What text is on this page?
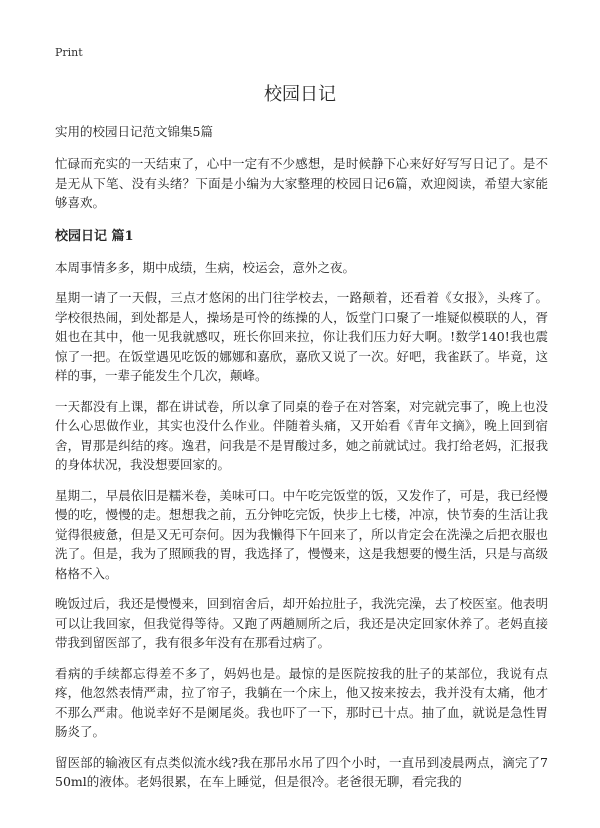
Print
校园日记
实用的校园日记范文锦集5篇

忙碌而充实的一天结束了，心中一定有不少感想，是时候静下心来好好写写日记了。是不是无从下笔、没有头绪？下面是小编为大家整理的校园日记6篇，欢迎阅读，希望大家能够喜欢。

校园日记 篇1

本周事情多多，期中成绩，生病，校运会，意外之夜。

星期一请了一天假，三点才悠闲的出门往学校去，一路颠着，还看着《女报》，头疼了。学校很热闹，到处都是人，操场是可怜的练操的人，饭堂门口聚了一堆疑似模联的人，胥姐也在其中，他一见我就感叹，班长你回来拉，你让我们压力好大啊。!数学140!我也震惊了一把。在饭堂遇见吃饭的娜娜和嘉欣，嘉欣又说了一次。好吧，我雀跃了。毕竟，这样的事，一辈子能发生个几次，颠峰。

一天都没有上课，都在讲试卷，所以拿了同桌的卷子在对答案，对完就完事了，晚上也没什么心思做作业，其实也没什么作业。伴随着头痛，又开始看《青年文摘》，晚上回到宿舍，胃那是纠结的疼。逸君，问我是不是胃酸过多，她之前就试过。我打给老妈，汇报我的身体状况，我没想要回家的。

星期二，早晨依旧是糯米卷，美味可口。中午吃完饭堂的饭，又发作了，可是，我已经慢慢的吃，慢慢的走。想想我之前，五分钟吃完饭，快步上七楼，冲凉，快节奏的生活让我觉得很疲惫，但是又无可奈何。因为我懒得下午回来了，所以肯定会在洗澡之后把衣服也洗了。但是，我为了照顾我的胃，我选择了，慢慢来，这是我想要的慢生活，只是与高级格格不入。

晚饭过后，我还是慢慢来，回到宿舍后，却开始拉肚子，我洗完澡，去了校医室。他表明可以让我回家，但我觉得等待。又跑了两趟厕所之后，我还是决定回家休养了。老妈直接带我到留医部了，我有很多年没有在那看过病了。

看病的手续都忘得差不多了，妈妈也是。最惊的是医院按我的肚子的某部位，我说有点疼，他忽然表情严肃，拉了帘子，我躺在一个床上，他又按来按去，我并没有太痛，他才不那么严肃。他说幸好不是阑尾炎。我也吓了一下，那时已十点。抽了血，就说是急性胃肠炎了。

留医部的输液区有点类似流水线?我在那吊水吊了四个小时，一直吊到凌晨两点，滴完了750ml的液体。老妈很累，在车上睡觉，但是很冷。老爸很无聊，看完我的
